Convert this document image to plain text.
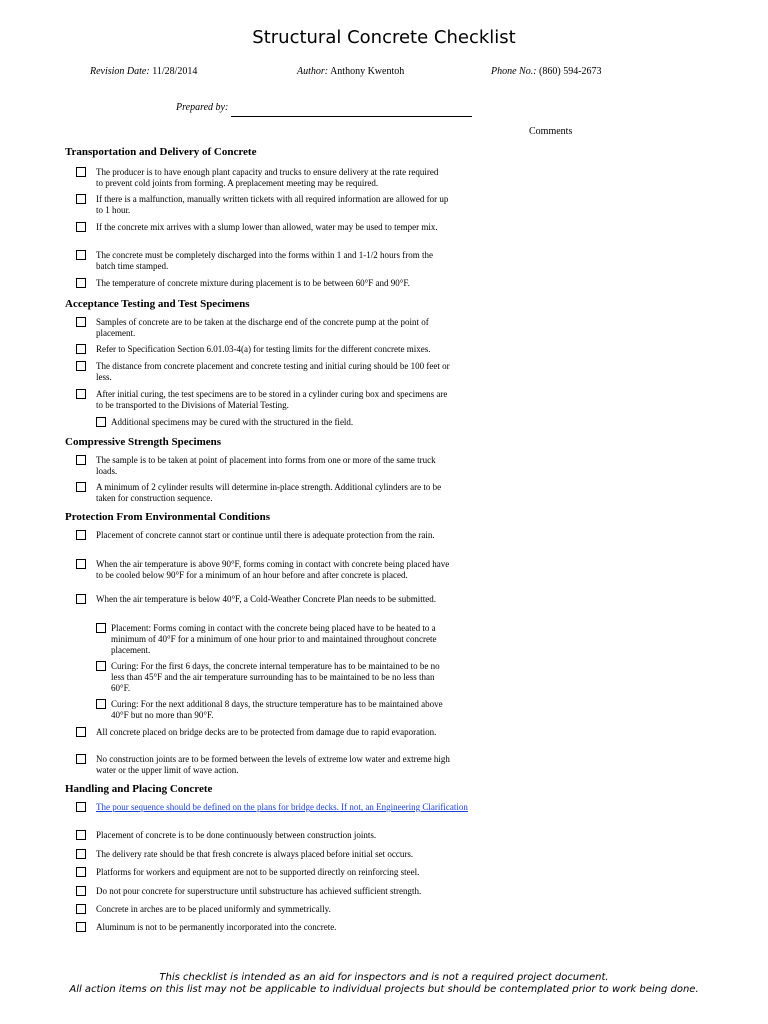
Structural Concrete Checklist
Revision Date: 11/28/2014	Author: Anthony Kwentoh	Phone No.: (860) 594-2673
Prepared by:
Comments
Transportation and Delivery of Concrete
The producer is to have enough plant capacity and trucks to ensure delivery at the rate required
to prevent cold joints from forming. A preplacement meeting may be required.
If there is a malfunction, manually written tickets with all required information are allowed for up
to 1 hour.
If the concrete mix arrives with a slump lower than allowed, water may be used to temper mix.
The concrete must be completely discharged into the forms within 1 and 1-1/2 hours from the
batch time stamped.
The temperature of concrete mixture during placement is to be between 60°F and 90°F.
Acceptance Testing and Test Specimens
Samples of concrete are to be taken at the discharge end of the concrete pump at the point of
placement.
Refer to Specification Section 6.01.03-4(a) for testing limits for the different concrete mixes.
The distance from concrete placement and concrete testing and initial curing should be 100 feet or
less.
After initial curing, the test specimens are to be stored in a cylinder curing box and specimens are
to be transported to the Divisions of Material Testing.
Additional specimens may be cured with the structured in the field.
Compressive Strength Specimens
The sample is to be taken at point of placement into forms from one or more of the same truck
loads.
A minimum of 2 cylinder results will determine in-place strength. Additional cylinders are to be
taken for construction sequence.
Protection From Environmental Conditions
Placement of concrete cannot start or continue until there is adequate protection from the rain.
When the air temperature is above 90°F, forms coming in contact with concrete being placed have
to be cooled below 90°F for a minimum of an hour before and after concrete is placed.
When the air temperature is below 40°F, a Cold-Weather Concrete Plan needs to be submitted.
Placement: Forms coming in contact with the concrete being placed have to be heated to a
minimum of 40°F for a minimum of one hour prior to and maintained throughout concrete
placement.
Curing: For the first 6 days, the concrete internal temperature has to be maintained to be no
less than 45°F and the air temperature surrounding has to be maintained to be no less than
60°F.
Curing: For the next additional 8 days, the structure temperature has to be maintained above
40°F but no more than 90°F.
All concrete placed on bridge decks are to be protected from damage due to rapid evaporation.
No construction joints are to be formed between the levels of extreme low water and extreme high
water or the upper limit of wave action.
Handling and Placing Concrete
The pour sequence should be defined on the plans for bridge decks. If not, an Engineering Clarification
Placement of concrete is to be done continuously between construction joints.
The delivery rate should be that fresh concrete is always placed before initial set occurs.
Platforms for workers and equipment are not to be supported directly on reinforcing steel.
Do not pour concrete for superstructure until substructure has achieved sufficient strength.
Concrete in arches are to be placed uniformly and symmetrically.
Aluminum is not to be permanently incorporated into the concrete.
This checklist is intended as an aid for inspectors and is not a required project document.
All action items on this list may not be applicable to individual projects but should be contemplated prior to work being done.
